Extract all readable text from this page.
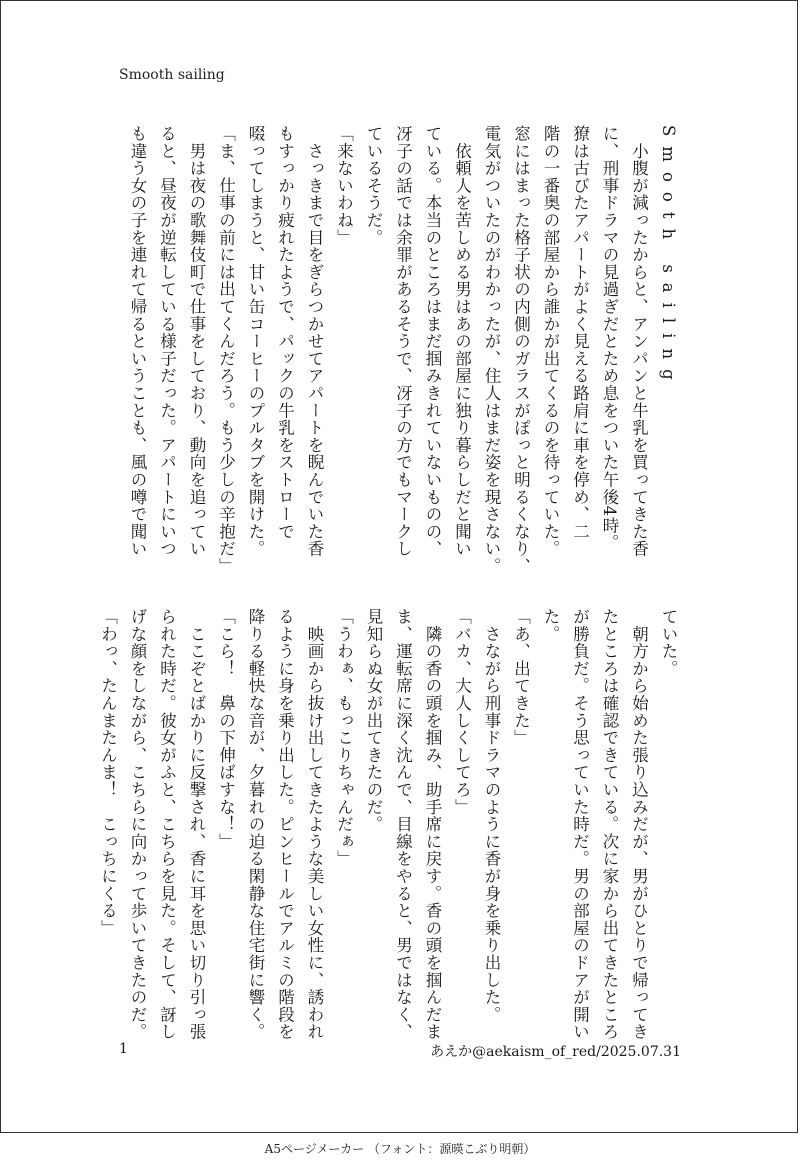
Smooth sailing
Smooth sailing
　小腹が減ったからと、アンパンと牛乳を買ってきた香
に、刑事ドラマの見過ぎだとため息をついた午後4時。
獠は古びたアパートがよく見える路肩に車を停め、二
階の一番奥の部屋から誰かが出てくるのを待っていた。
窓にはまった格子状の内側のガラスがぽっと明るくなり、
電気がついたのがわかったが、住人はまだ姿を現さない。
　依頼人を苦しめる男はあの部屋に独り暮らしだと聞い
ている。本当のところはまだ掴みきれていないものの、
冴子の話では余罪があるそうで、冴子の方でもマークし
ているそうだ。
「来ないわね」
　さっきまで目をぎらつかせてアパートを睨んでいた香
もすっかり疲れたようで、パックの牛乳をストローで
啜ってしまうと、甘い缶コーヒーのプルタブを開けた。
「ま、仕事の前には出てくんだろう。もう少しの辛抱だ」
　男は夜の歌舞伎町で仕事をしており、動向を追ってい
ると、昼夜が逆転している様子だった。アパートにいつ
も違う女の子を連れて帰るということも、風の噂で聞い
ていた。
　朝方から始めた張り込みだが、男がひとりで帰ってき
たところは確認できている。次に家から出てきたところ
が勝負だ。そう思っていた時だ。男の部屋のドアが開い
た。
「あ、出てきた」
　さながら刑事ドラマのように香が身を乗り出した。
「バカ、大人しくしてろ」
　隣の香の頭を掴み、助手席に戻す。香の頭を掴んだま
ま、運転席に深く沈んで、目線をやると、男ではなく、
見知らぬ女が出てきたのだ。
「うわぁ、もっこりちゃんだぁ」
　映画から抜け出してきたような美しい女性に、誘われ
るように身を乗り出した。ピンヒールでアルミの階段を
降りる軽快な音が、夕暮れの迫る閑静な住宅街に響く。
「こら！　鼻の下伸ばすな！」
　ここぞとばかりに反撃され、香に耳を思い切り引っ張
られた時だ。彼女がふと、こちらを見た。そして、訝し
げな顔をしながら、こちらに向かって歩いてきたのだ。
「わっ、たんまたんま！　こっちにくる」
1	あえか@aekaism_of_red/2025.07.31
A5ページメーカー （フォント：源暎こぶり明朝）
